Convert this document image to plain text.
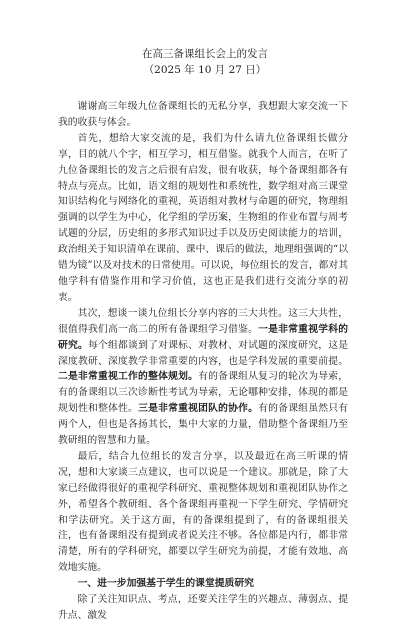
在高三备课组长会上的发言
（2025 年 10 月 27 日）

谢谢高三年级九位备课组长的无私分享，我想跟大家交流一下我的收获与体会。

首先，想给大家交流的是，我们为什么请九位备课组长做分享，目的就八个字，相互学习，相互借鉴。就我个人而言，在听了九位备课组长的发言之后很有启发，很有收获，每个备课组都各有特点与亮点。比如，语文组的规划性和系统性，数学组对高三课堂知识结构化与网络化的重视，英语组对教材与命题的研究，物理组强调的以学生为中心，化学组的学历案，生物组的作业布置与周考试题的分层，历史组的多形式知识过手以及历史阅读能力的培训，政治组关于知识清单在课前、课中、课后的做法，地理组强调的“以错为镜”以及对技术的日常使用。可以说，每位组长的发言，都对其他学科有借鉴作用和学习价值，这也正是我们进行交流分享的初衷。

其次，想谈一谈九位组长分享内容的三大共性。这三大共性，很值得我们高一高二的所有备课组学习借鉴。一是非常重视学科的研究。每个组都谈到了对课标、对教材、对试题的深度研究，这是深度教研、深度教学非常重要的内容，也是学科发展的重要前提。二是非常重视工作的整体规划。有的备课组从复习的轮次为导索，有的备课组以三次诊断性考试为导索，无论哪种安排，体现的都是规划性和整体性。三是非常重视团队的协作。有的备课组虽然只有两个人，但也是各扬其长，集中大家的力量，借助整个备课组乃至教研组的智慧和力量。

最后，结合九位组长的发言分享，以及最近在高三听课的情况，想和大家谈三点建议，也可以说是一个建议。那就是，除了大家已经做得很好的重视学科研究、重视整体规划和重视团队协作之外，希望各个教研组、各个备课组再重视一下学生研究、学情研究和学法研究。关于这方面，有的备课组提到了，有的备课组很关注，也有备课组没有提到或者说关注不够。各位都是内行，都非常清楚，所有的学科研究，都要以学生研究为前提，才能有效地、高效地实施。

一、进一步加强基于学生的课堂提质研究

除了关注知识点、考点，还要关注学生的兴趣点、薄弱点、提升点、激发
